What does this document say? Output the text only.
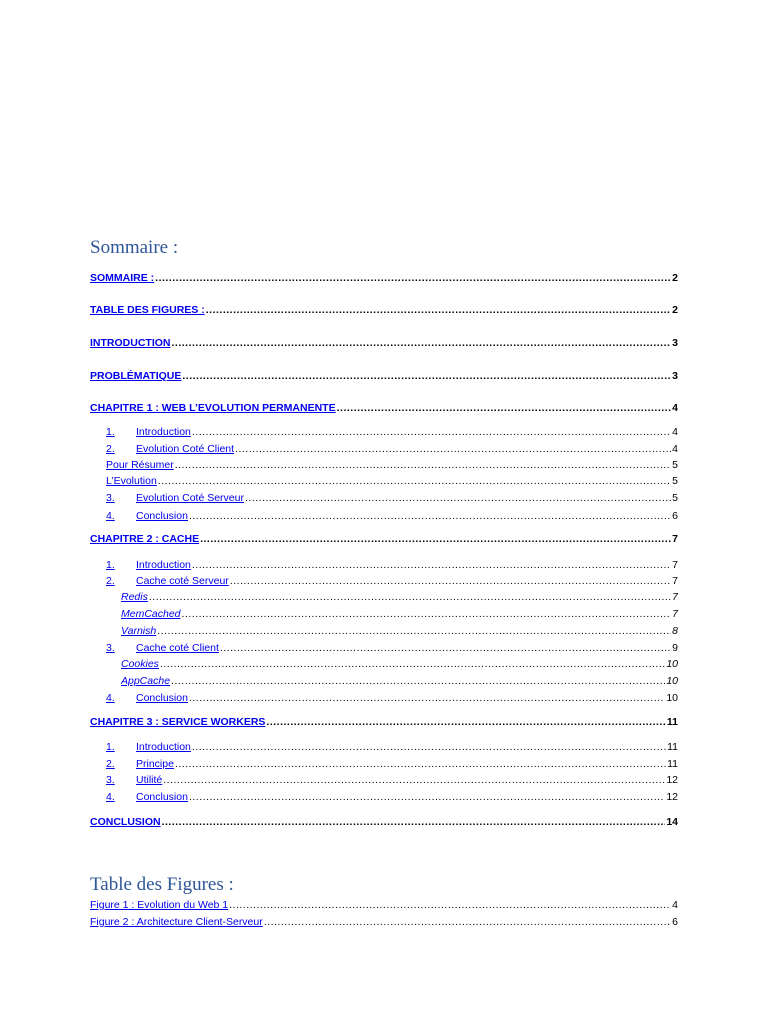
Sommaire :
SOMMAIRE : .....	2
TABLE DES FIGURES : .....	2
INTRODUCTION .....	3
PROBLÉMATIQUE .....	3
CHAPITRE 1 : WEB L’EVOLUTION PERMANENTE .....	4
1.	Introduction .....	4
2.	Evolution Coté Client .....	4
Pour Résumer .....	5
L’Evolution .....	5
3.	Evolution Coté Serveur .....	5
4.	Conclusion .....	6
CHAPITRE 2 : CACHE .....	7
1.	Introduction .....	7
2.	Cache coté Serveur .....	7
Redis .....	7
MemCached .....	7
Varnish .....	8
3.	Cache coté Client .....	9
Cookies .....	10
AppCache .....	10
4.	Conclusion .....	10
CHAPITRE 3 : SERVICE WORKERS .....	11
1.	Introduction .....	11
2.	Principe .....	11
3.	Utilité .....	12
4.	Conclusion .....	12
CONCLUSION .....	14
Table des Figures :
Figure 1 : Evolution du Web 1 .....	4
Figure 2 : Architecture Client-Serveur .....	6
